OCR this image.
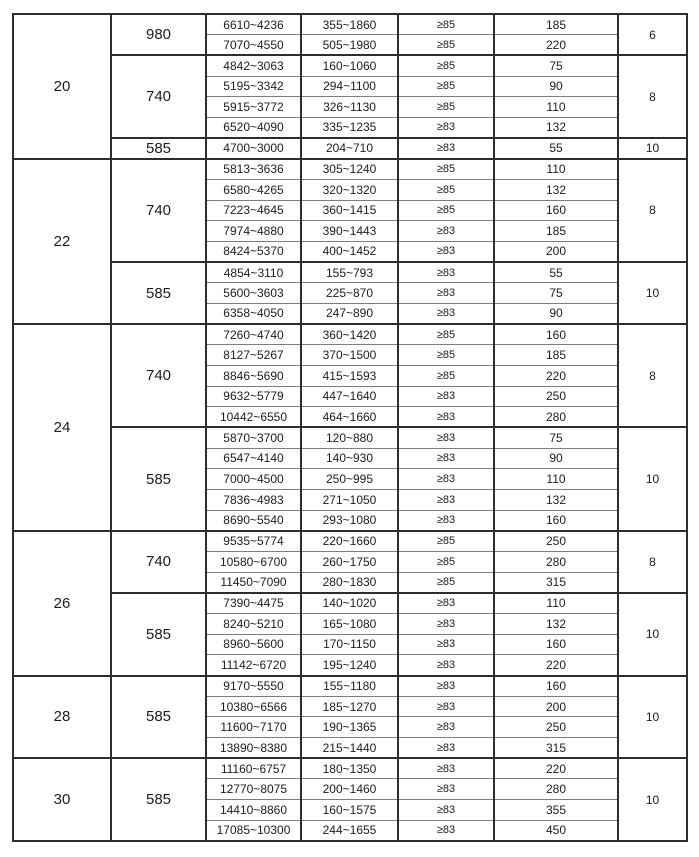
20	980	6610~4236	355~1860	≥85	185	6
		7070~4550	505~1980	≥85	220	
	740	4842~3063	160~1060	≥85	75	8
		5195~3342	294~1100	≥85	90	
		5915~3772	326~1130	≥85	110	
		6520~4090	335~1235	≥83	132	
	585	4700~3000	204~710	≥83	55	10
22	740	5813~3636	305~1240	≥85	110	8
		6580~4265	320~1320	≥85	132	
		7223~4645	360~1415	≥85	160	
		7974~4880	390~1443	≥83	185	
		8424~5370	400~1452	≥83	200	
	585	4854~3110	155~793	≥83	55	10
		5600~3603	225~870	≥83	75	
		6358~4050	247~890	≥83	90	
24	740	7260~4740	360~1420	≥85	160	8
		8127~5267	370~1500	≥85	185	
		8846~5690	415~1593	≥85	220	
		9632~5779	447~1640	≥83	250	
		10442~6550	464~1660	≥83	280	
	585	5870~3700	120~880	≥83	75	10
		6547~4140	140~930	≥83	90	
		7000~4500	250~995	≥83	110	
		7836~4983	271~1050	≥83	132	
		8690~5540	293~1080	≥83	160	
26	740	9535~5774	220~1660	≥85	250	8
		10580~6700	260~1750	≥85	280	
		11450~7090	280~1830	≥85	315	
	585	7390~4475	140~1020	≥83	110	10
		8240~5210	165~1080	≥83	132	
		8960~5600	170~1150	≥83	160	
		11142~6720	195~1240	≥83	220	
28	585	9170~5550	155~1180	≥83	160	10
		10380~6566	185~1270	≥83	200	
		11600~7170	190~1365	≥83	250	
		13890~8380	215~1440	≥83	315	
30	585	11160~6757	180~1350	≥83	220	10
		12770~8075	200~1460	≥83	280	
		14410~8860	160~1575	≥83	355	
		17085~10300	244~1655	≥83	450	
